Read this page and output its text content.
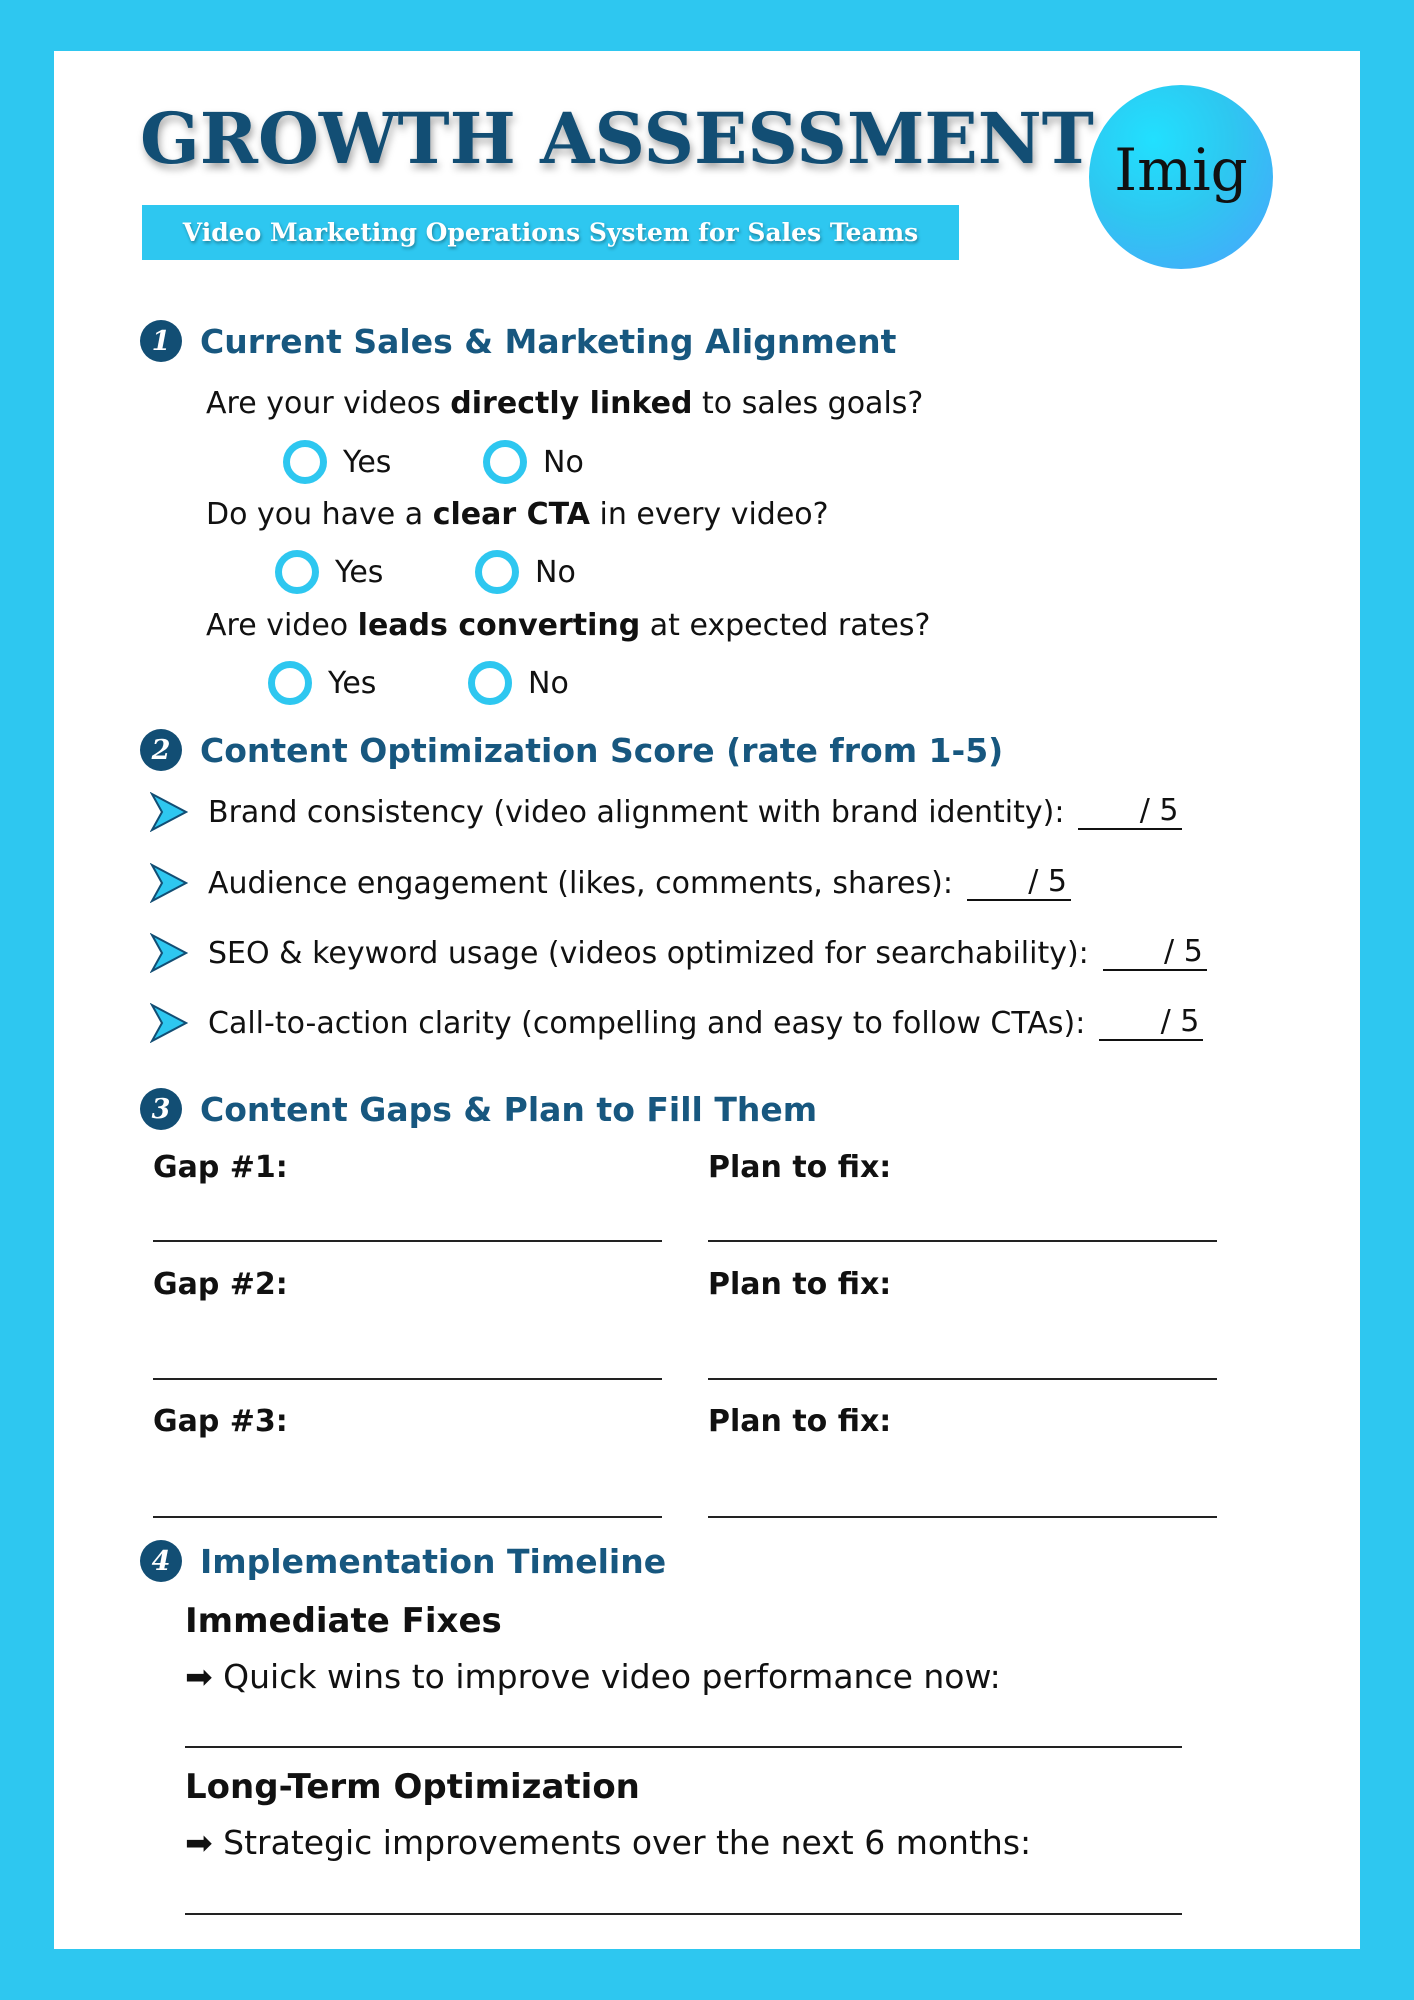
GROWTH ASSESSMENT
Video Marketing Operations System for Sales Teams
Imig
1 Current Sales & Marketing Alignment
Are your videos directly linked to sales goals?
Yes	No
Do you have a clear CTA in every video?
Yes	No
Are video leads converting at expected rates?
Yes	No
2 Content Optimization Score (rate from 1-5)
Brand consistency (video alignment with brand identity):	/ 5
Audience engagement (likes, comments, shares):	/ 5
SEO & keyword usage (videos optimized for searchability):	/ 5
Call-to-action clarity (compelling and easy to follow CTAs):	/ 5
3 Content Gaps & Plan to Fill Them
Gap #1:	Plan to fix:
Gap #2:	Plan to fix:
Gap #3:	Plan to fix:
4 Implementation Timeline
Immediate Fixes
➡ Quick wins to improve video performance now:
Long-Term Optimization
➡ Strategic improvements over the next 6 months:
